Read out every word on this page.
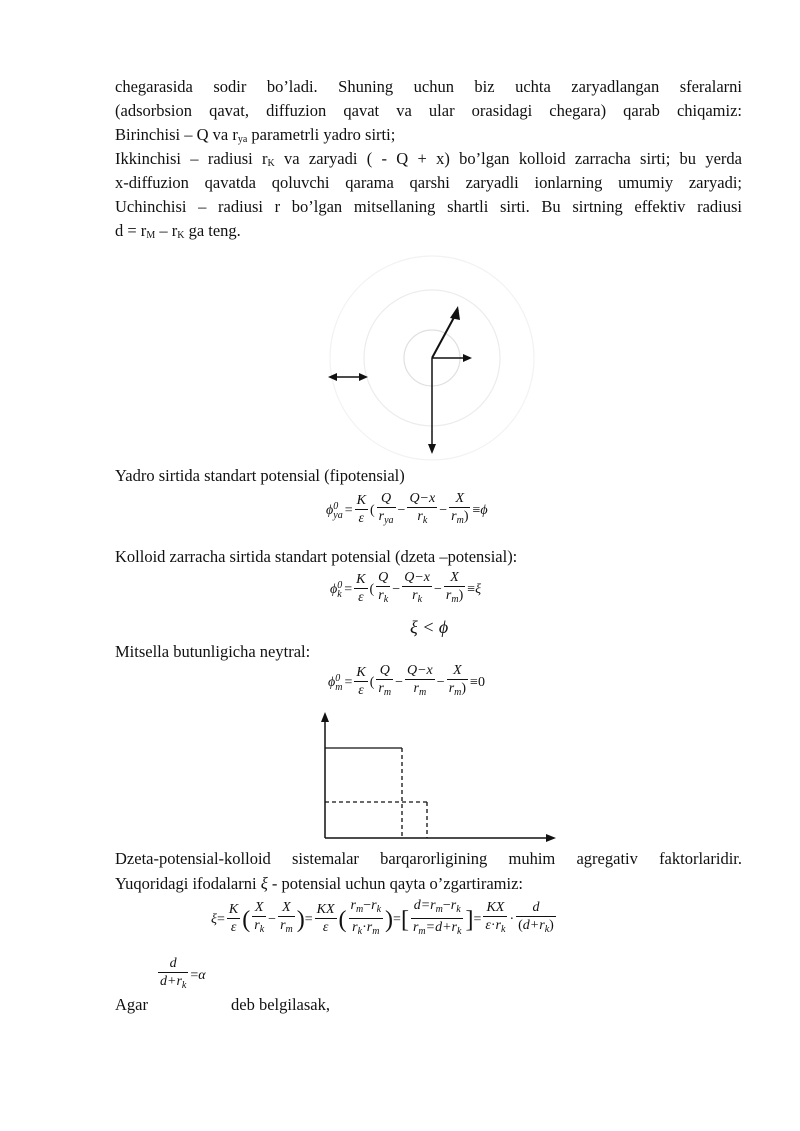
chegarasida sodir bo’ladi. Shuning uchun biz uchta zaryadlangan sferalarni
(adsorbsion qavat, diffuzion qavat va ular orasidagi chegara) qarab chiqamiz:
Birinchisi – Q va $r_{ya}$ parametrli yadro sirti;
Ikkinchisi – radiusi $r_K$ va zaryadi ( - Q + x) bo’lgan kolloid zarracha sirti; bu yerda
x-diffuzion qavatda qoluvchi qarama qarshi zaryadli ionlarning umumiy zaryadi;
Uchinchisi – radiusi r bo’lgan mitsellaning shartli sirti. Bu sirtning effektiv radiusi
$d = r_M - r_K$ ga teng.
Yadro sirtida standart potensial (fipotensial)
ϕ 0
ya = $\frac{K}{\varepsilon}$ ( $\frac{Q}{r_{ya}} - \frac{Q-x}{r_k} - \frac{X}{r_m)} \equiv \phi$
Kolloid zarracha sirtida standart potensial (dzeta –potensial):
ϕ 0
$k = \frac{K}{\varepsilon}$ ( $\frac{Q}{r_k} - \frac{Q-x}{r_k} - \frac{X}{r_m)} \equiv \xi$
ξ < ϕ
Mitsella butunligicha neytral:
ϕ 0
$m = \frac{K}{\varepsilon}$ ( $\frac{Q}{r_m} - \frac{Q-x}{r_m} - \frac{X}{r_m)} \equiv 0$
Dzeta-potensial-kolloid sistemalar barqarorligining muhim agregativ faktorlaridir.
Yuqoridagi ifodalarni ξ - potensial uchun qayta o’zgartiramiz:
$\xi = \frac{K}{\varepsilon}$ ( $\frac{X}{r_k} - \frac{X}{r_m}$ ) = $\frac{KX}{\varepsilon}$ ( $\frac{r_m-r_k}{r_k\cdot r_m}$ ) = [ $\frac{d=r_m-r_k}{r_m=d+r_k}$ ] = $\frac{KX}{\varepsilon\cdot r_k} \cdot \frac{d}{(d+r_k)}$
$\frac{d}{d+r_k} = \alpha$
Agar	deb belgilasak,
